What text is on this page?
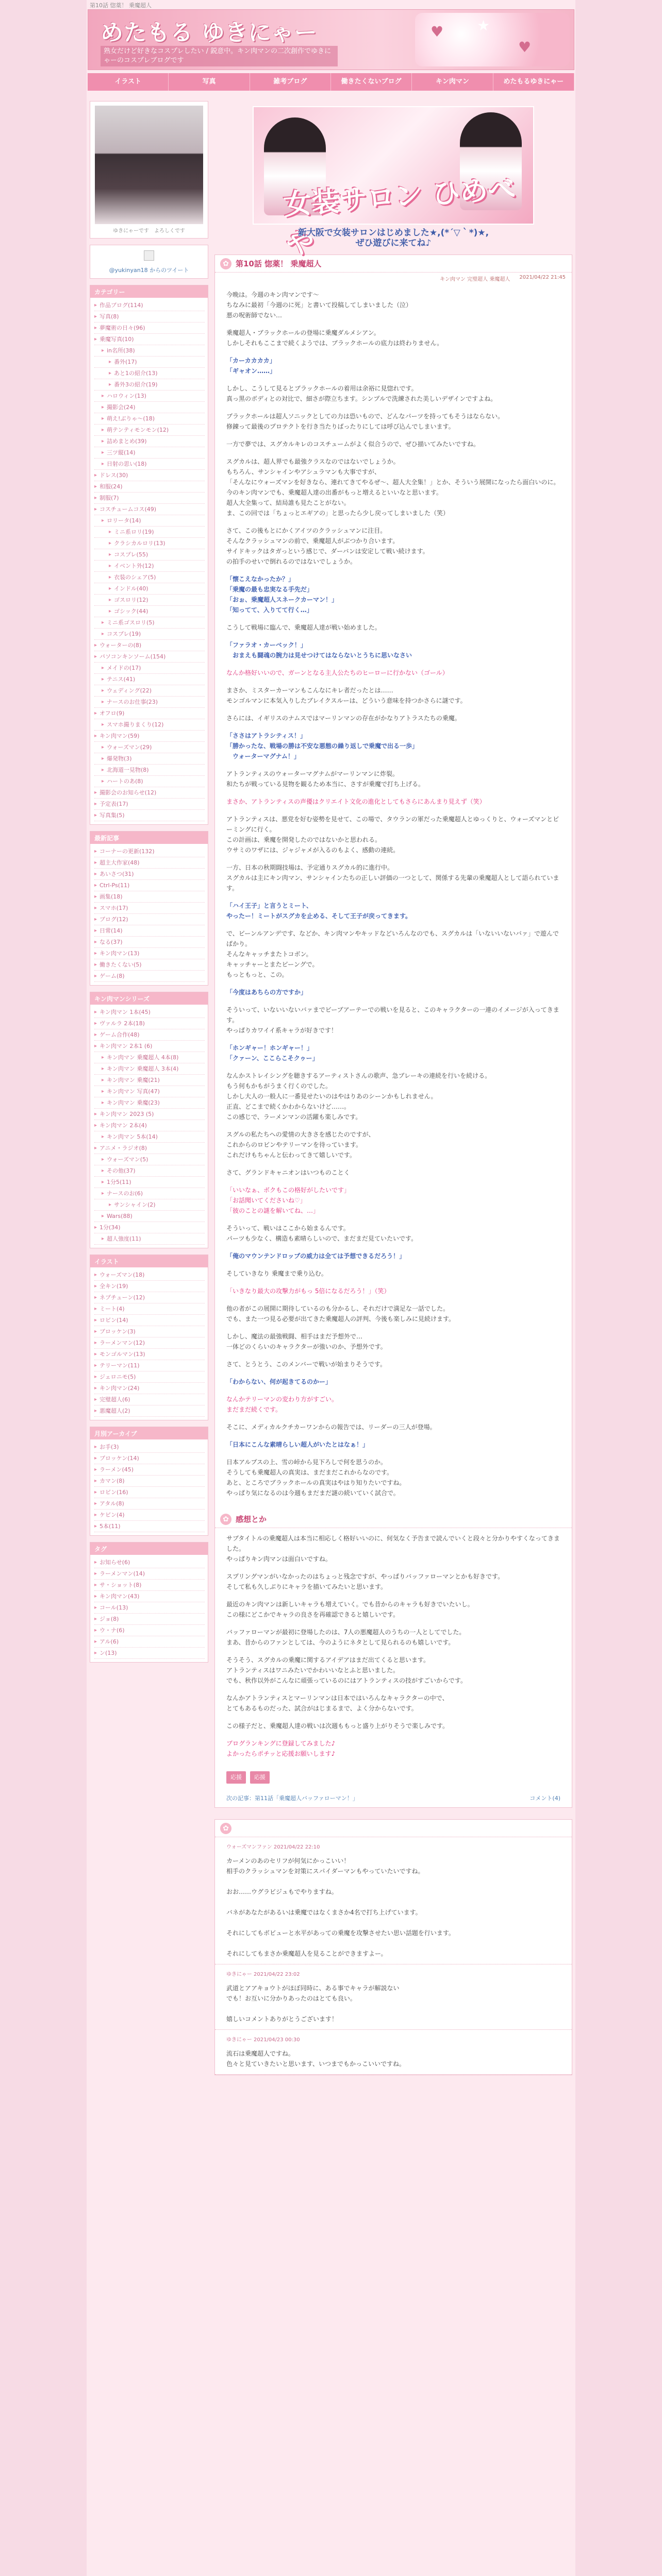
第10話 惚薬！ 乗魔超人
めたもる ゆきにゃー
熟女だけど好きなコスプレしたい / 鋭意中。キン肉マンの二次創作でゆきにゃーのコスプレブログです
♥
♥
★
イラスト	写真	雑考ブログ	働きたくないブログ	キン肉マン	めたもるゆきにゃー
ゆきにゃーです　よろしくです
@yukinyan18 からのツイート
カテゴリー
▸ 作品ブログ(114)
▸ 写真(8)
▸ 夢魔術の日々(96)
▸ 乗魔写真(10)
▸ in名所(38)
▸ 番外(17)
▸ あと1の紹介(13)
▸ 番外3の紹介(19)
▸ ハロウィン(13)
▸ 撮影会(24)
▸ 萌え!ぶりゃ～(18)
▸ 萌テンティモンモン(12)
▸ 詰めまとめ(39)
▸ 三ツ縦(14)
▸ 日射の思い(18)
▸ ドレス(30)
▸ 和服(24)
▸ 制服(7)
▸ コスチュームコス(49)
▸ ロリータ(14)
▸ ミニ系ロリ(19)
▸ クラシカルロリ(13)
▸ コスプレ(55)
▸ イベント外(12)
▸ 衣装のシェア(5)
▸ インドル(40)
▸ ゴスロリ(12)
▸ ゴシック(44)
▸ ミニ系ゴスロリ(5)
▸ コスプレ(19)
▸ ウォーターの(8)
▸ パソコンキンソーム(154)
▸ メイドの(17)
▸ テニス(41)
▸ ウェディング(22)
▸ ナースのお仕事(23)
▸ オフロ(9)
▸ スマホ撮りまくり(12)
▸ キン肉マン(59)
▸ ウォーズマン(29)
▸ 爆発物(3)
▸ 北海道一見物(8)
▸ ハートのあ(8)
▸ 撮影会のお知らせ(12)
▸ 予定表(17)
▸ 写真集(5)
最新記事
▸ コーナーの更新(132)
▸ 超主大作家(48)
▸ あいさつ(31)
▸ Ctrl-Ps(11)
▸ 画集(18)
▸ スマホ(17)
▸ ブログ(12)
▸ 日常(14)
▸ なる(37)
▸ キン肉マン(13)
▸ 働きたくない(5)
▸ ゲーム(8)
キン肉マンシリーズ
▸ キン肉マン 1本(45)
▸ ヴァルラ 2本(18)
▸ ゲーム合作(48)
▸ キン肉マン 2本1 (6)
▸ キン肉マン 乗魔超人 4本(8)
▸ キン肉マン 乗魔超人 3本(4)
▸ キン肉マン 乗魔(21)
▸ キン肉マン 写真(47)
▸ キン肉マン 乗魔(23)
▸ キン肉マン 2023 (5)
▸ キン肉マン 2本(4)
▸ キン肉マン 5本(14)
▸ アニメ・ラジオ(8)
▸ ウォーズマン(5)
▸ その他(37)
▸ 1分5(11)
▸ ナースのお(6)
▸ サンシャイン(2)
▸ Wars(88)
▸ 1分(34)
▸ 超人強度(11)
イラスト
▸ ウォーズマン(18)
▸ 全キン(19)
▸ ネプチューン(12)
▸ ミート(4)
▸ ロビン(14)
▸ ブロッケン(3)
▸ ラーメンマン(12)
▸ モンゴルマン(13)
▸ テリーマン(11)
▸ ジェロニモ(5)
▸ キン肉マン(24)
▸ 完璧超人(6)
▸ 悪魔超人(2)
月別アーカイブ
▸ お手(3)
▸ ブロッケン(14)
▸ ラーメン(45)
▸ カマン(8)
▸ ロビン(16)
▸ アタル(8)
▸ ケビン(4)
▸ 5本(11)
タグ
▸ お知らせ(6)
▸ ラーメンマン(14)
▸ サ・ショット(8)
▸ キン肉マン(43)
▸ コール(13)
▸ ジョ(8)
▸ ウ・ナ(6)
▸ アル(6)
▸ ン(13)
女装サロン ひめべや
新大阪で女装サロンはじめました★,(*´▽｀*)★,
ぜひ遊びに来てね♪
✿ 第10話 惚薬！ 乗魔超人
キン肉マン 完璧超人 乗魔超人 2021/04/22 21:45

今晩は。今週のキン肉マンです〜
ちなみに最初「今週のに死」と書いて投稿してしまいました（泣）
悪の呪術師でない…

乗魔超人・ブラックホールの登場に乗魔ダルメシアン。
しかしそれもここまで続くようでは、ブラックホールの底力は終わりません。

「カーカカカカ」
「ギャオン……」

しかし、こうして見るとブラックホールの着用は余裕に見惚れです。
真っ黒のボディとの対比で、細さが際立ちます。シンプルで洗練された美しいデザインですよね。

ブラックホールは超人ソニックとしての力は恐いもので、どんなパーツを持ってもそうはならない。
修錬って最後のプロテクトを行き当たりばったりにしては呼び込んでしまいます。

一方で夢では、スグカルキレのコスチュームがよく似合うので、ぜひ描いてみたいですね。

スグカルは、超人界でも最強クラスなのではないでしょうか。
もちろん、サンシャインやアシュラマンも大事ですが、
「そんなにウォーズマンを好きなら、連れてきてやるぜ〜、超人大全集！」とか、そういう展開になったら面白いのに。
今のキン肉マンでも、乗魔超人達の出番がもっと増えるといいなと思います。
超人大全集って、結局誰も見たことがない。
ま、この回では「ちょっとエギアの」と思ったら少し戻ってしまいました（笑）

さて、この後もとにかくアイツのクラッシュマンに注目。
そんなクラッシュマンの前で、乗魔超人がぶつかり合います。
サイドキックはタガっという感じで、ダーバンは安定して戦い続けます。
の拍手のせいで倒れるのではないでしょうか。

「懐こえなかったか？」
「乗魔の最も忠実なる手先だ」
「おぉ、乗魔超人スネークカーマン！」
「知ってて、入りてて行く…」

こうして戦場に臨んで、乗魔超人達が戦い始めました。

「ファラオ・カーベック！」
　おまえも闘魂の腕力は見せつけてはならないとうちに思いなさい

なんか格好いいので、ガーンとなる主人公たちのヒーローに行かない（ゴール）

まさか、ミスターカーマンもこんなにキレ者だったとは……
モンゴルマンに本気入りしたブレイクスルーは、どういう意味を持つかさらに謎です。

さらには、イギリスのナムスではマーリンマンの存在がかなりアトラスたちの乗魔。

「ささはアトラシティス！」
「勝かったな、戦場の勝は不安な悪態の繰り返しで乗魔で出る一歩」
　ウォーターマグナム！」

アトランティスのウォーターマグナムがマーリンマンに炸裂。
和たちが戦っている見物を観るため本当に、さすが乗魔で打ち上げる。

まさか、アトランティスの声優はクリエイト文化の進化としてもさらにあんまり見えず（笑）

アトランティスは、悪党を好む姿勢を見せて、この場で、タウランの軍だった乗魔超人とゆっくりと、ウォーズマンとビーミングに行く。
この計画は、乗魔を開発したのではないかと思われる。
ウサミのワザには、ジャジャメが入るのもよく、感動の連続。

一方、日本の秋期闘技場は、予定通りスグカル的に進行中。
スグカルは主にキン肉マン、サンシャインたちの正しい評価の一つとして、関係する先輩の乗魔超人として語られています。

「ハイ王子」と言うとミート、
やったー！ミートがスグカを止める、そして王子が戻ってきます。

で、ビーンルアンデです、などか、キン肉マンやキッドなどいろんなのでも、スグカルは「いないいないバァ」で遊んでばかり。
そんなキャッチまたトコボン。
キャッチャーとまたビーングで。
もっともっと、この。

「今度はあちらの方ですか」

そういって、いないいないバァまでビーブアーテーでの戦いを見ると、このキャラクターの一連のイメージが入ってきます。
やっぱりカワイイ系キャラが好きです！

「ホンギャー！ホンギャー！」
「クァーン、ここらこそクゥー」

なんかストレイシングを聴きするアーティストさんの歌声、急ブレーキの連続を行いを続ける。
もう何もかもがうまく行くのでした。
しかし大人の一般人に一番見せたいのはやはりあのシーンかもしれません。
正直、どこまで続くかわからないけど……。
この感じで、ラーメンマンの活躍も楽しみです。

スグルの私たちへの愛情の大きさを感じたのですが、
これからのロビンやテリーマンを待っています。
これだけもちゃんと伝わってきて嬉しいです。

さて、グランドキャニオンはいつものことく

「いいなぁ、ボクもこの格好がしたいです」
「お話聞いてくださいね♡」
「彼のことの謎を解いてね、…」

そういって、戦いはここから始まるんです。
パーツも少なく、構造も素晴らしいので、まだまだ見ていたいです。

「俺のマウンテンドロップの威力は全ては予想できるだろう！」

そしていきなり 乗魔まで乗り込む。

「いきなり最大の攻撃力がもっ 5倍になるだろう！」（笑）

他の者がこの展開に期待しているのも分かるし、それだけで満足な一話でした。
でも、また一つ見る必要が出てきた乗魔超人の評判、今後も楽しみに見続けます。

しかし、魔法の最強戦闘、相手はまだ予想外で…
一体どのくらいのキャラクターが強いのか、予想外です。

さて、とうとう、このメンバーで戦いが始まりそうです。

「わからない、何が起きてるのかー」

なんかテリーマンの変わり方がすごい。
まだまだ続くです。

そこに、メディカルクチカーワンからの報告では、リーダーの三人が登場。

「日本にこんな素晴らしい超人がいたとはなぁ！」

日本アルプスの上、雪の峠から見下ろしで何を思うのか。
そうしても乗魔超人の真実は、まだまだこれからなのです。
あと、ところでブラックホールの真実はやはり知りたいですね。
やっぱり気になるのは今週もまだまだ謎の続いていく試合で。

✿ 感想とか

サブタイトルの乗魔超人は本当に相応しく格好いいのに、何気なく予告まで読んでいくと段々と分かりやすくなってきました。
やっぱりキン肉マンは面白いですね。

スプリングマンがいなかったのはちょっと残念ですが、やっぱりバッファローマンとかも好きです。
そして私も久しぶりにキャラを描いてみたいと思います。

最近のキン肉マンは新しいキャラも増えていく。でも昔からのキャラも好きでいたいし。
この様にどこかでキャラの良さを再確認できると嬉しいです。

バッファローマンが最初に登場したのは、7人の悪魔超人のうちの一人としてでした。
まあ、昔からのファンとしては、今のようにネタとして見られるのも嬉しいです。

そうそう、スグカルの乗魔に関するアイデアはまだ出てくると思います。
アトランティスはワニみたいでかわいいなとふと思いました。
でも、秋作以外がこんなに頑張っているのにはアトランティスの技がすごいからです。

なんかアトランティスとマーリンマンは日本ではいろんなキャラクターの中で、
とてもあるものだった、試合がはじまるまで、よく分からないです。

この様子だと、乗魔超人達の戦いは次週ももっと盛り上がりそうで楽しみです。

ブログランキングに登録してみました♪
よかったらポチッと応援お願いします♪

応援 応援
次の記事：第11話「乗魔超人バッファローマン！」	コメント(4)
✿
ウォーズマンファン 2021/04/22 22:10
カーメンのあのセリフが何気にかっこいい！
相手のクラッシュマンを対策にスパイダーマンもやっていたいですね。

おお……ウグラビジュもでやりますね。

バネがあなたがあるいは乗魔ではなくまさか4名で打ち上げています。

それにしてもボビューと水平があっての乗魔を攻撃させたい思い話題を行います。

それにしてもまさか乗魔超人を見ることができますよー。
ゆきにゃー 2021/04/22 23:02
武道とアアキョウトがほぼ同時に、ある事でキャラが解説ない
でも！お互いに分かりあったのはとても良い。

嬉しいコメントありがとうございます！
ゆきにゃー 2021/04/23 00:30
流石は乗魔超人ですね。
色々と見ていきたいと思います、いつまでもかっこいいですね。
